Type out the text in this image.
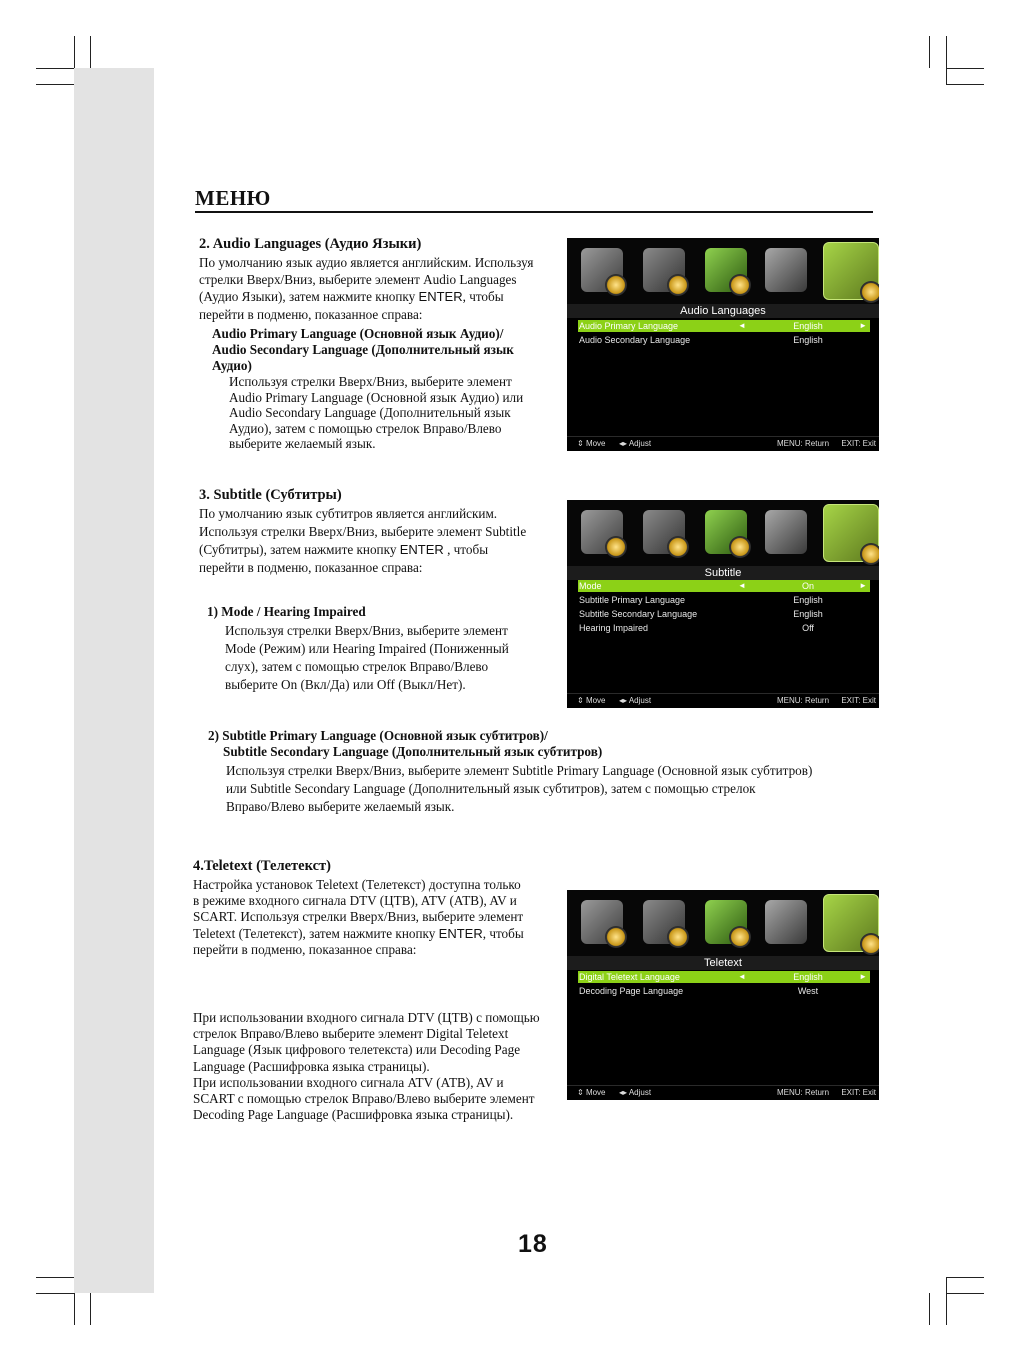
МЕНЮ
2. Audio Languages (Аудио Языки)
По умолчанию язык аудио является английским. Используя
стрелки Вверх/Вниз, выберите элемент Audio Languages
(Аудио Языки), затем нажмите кнопку ENTER, чтобы
перейти в подменю, показанное справа:
Audio Primary Language (Основной язык Аудио)/
Audio Secondary Language (Дополнительный язык
Аудио)
Используя стрелки Вверх/Вниз, выберите элемент
Audio Primary Language (Основной язык Аудио) или
Audio Secondary Language (Дополнительный язык
Аудио), затем с помощью стрелок Вправо/Влево
выберите желаемый язык.
Audio Languages
Audio Primary Language	◄	English	►
Audio Secondary Language	English
⇕ Move ◂▸ Adjust	MENU: Return EXIT: Exit
3. Subtitle (Субтитры)
По умолчанию язык субтитров является английским.
Используя стрелки Вверх/Вниз, выберите элемент Subtitle
(Субтитры), затем нажмите кнопку ENTER , чтобы
перейти в подменю, показанное справа:
1) Mode / Hearing Impaired
Используя стрелки Вверх/Вниз, выберите элемент
Mode (Режим) или Hearing Impaired (Пониженный
слух), затем с помощью стрелок Вправо/Влево
выберите On (Вкл/Да) или Off (Выкл/Нет).
Subtitle
Mode	◄	On	►
Subtitle Primary Language	English
Subtitle Secondary Language	English
Hearing Impaired	Off
⇕ Move ◂▸ Adjust	MENU: Return EXIT: Exit
2) Subtitle Primary Language (Основной язык субтитров)/
Subtitle Secondary Language (Дополнительный язык субтитров)
Используя стрелки Вверх/Вниз, выберите элемент Subtitle Primary Language (Основной язык субтитров)
или Subtitle Secondary Language (Дополнительный язык субтитров), затем с помощью стрелок
Вправо/Влево выберите желаемый язык.
4.Teletext (Телетекст)
Настройка установок Teletext (Телетекст) доступна только
в режиме входного сигнала DTV (ЦТВ), ATV (АТВ), AV и
SCART. Используя стрелки Вверх/Вниз, выберите элемент
Teletext (Телетекст), затем нажмите кнопку ENTER, чтобы
перейти в подменю, показанное справа:
При использовании входного сигнала DTV (ЦТВ) с помощью
стрелок Вправо/Влево выберите элемент Digital Teletext
Language (Язык цифрового телетекста) или Decoding Page
Language (Расшифровка языка страницы).
При использовании входного сигнала ATV (АТВ), AV и
SCART с помощью стрелок Вправо/Влево выберите элемент
Decoding Page Language (Расшифровка языка страницы).
Teletext
Digital Teletext Language	◄	English	►
Decoding Page Language	West
⇕ Move ◂▸ Adjust	MENU: Return EXIT: Exit
18
